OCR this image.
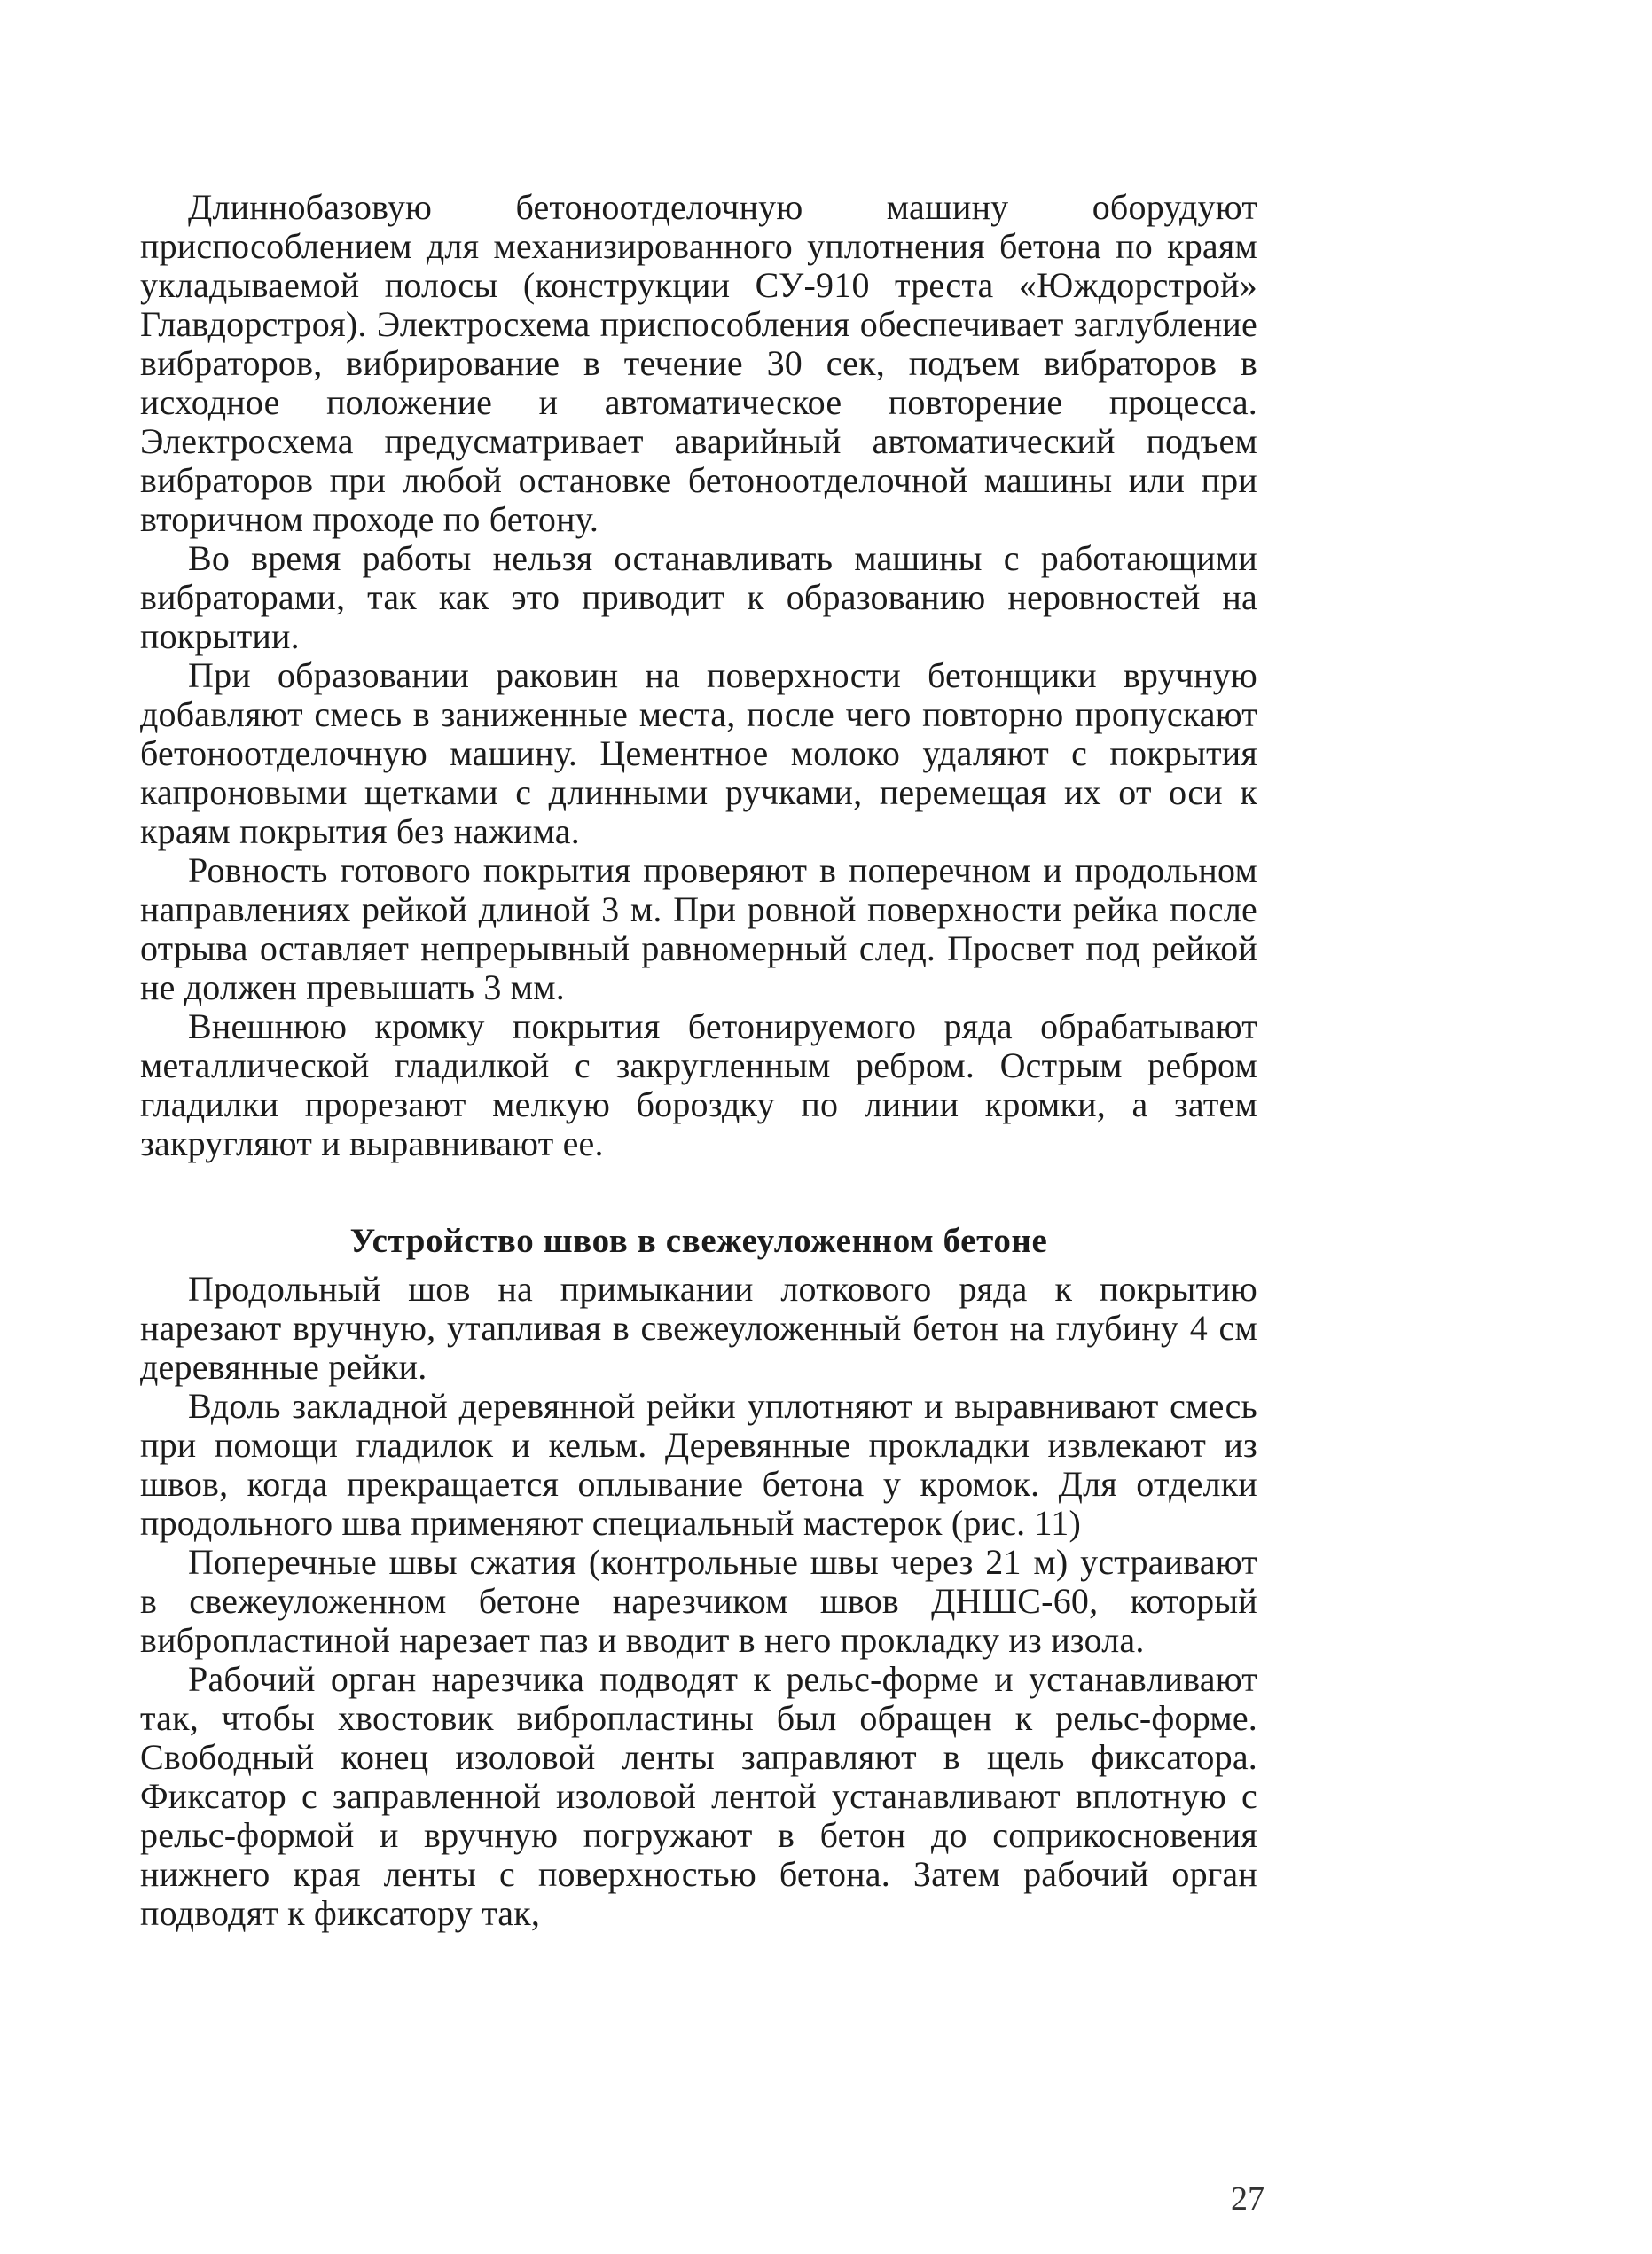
Длиннобазовую бетоноотделочную машину оборудуют приспособлением для механизированного уплотнения бетона по краям укладываемой полосы (конструкции СУ-910 треста «Юждорстрой» Главдорстроя). Электросхема приспособления обеспечивает заглубление вибраторов, вибрирование в течение 30 сек, подъем вибраторов в исходное положение и автоматическое повторение процесса. Электросхема предусматривает аварийный автоматический подъем вибраторов при любой остановке бетоноотделочной машины или при вторичном проходе по бетону.

Во время работы нельзя останавливать машины с работающими вибраторами, так как это приводит к образованию неровностей на покрытии.

При образовании раковин на поверхности бетонщики вручную добавляют смесь в заниженные места, после чего повторно пропускают бетоноотделочную машину. Цементное молоко удаляют с покрытия капроновыми щетками с длинными ручками, перемещая их от оси к краям покрытия без нажима.

Ровность готового покрытия проверяют в поперечном и продольном направлениях рейкой длиной 3 м. При ровной поверхности рейка после отрыва оставляет непрерывный равномерный след. Просвет под рейкой не должен превышать 3 мм.

Внешнюю кромку покрытия бетонируемого ряда обрабатывают металлической гладилкой с закругленным ребром. Острым ребром гладилки прорезают мелкую бороздку по линии кромки, а затем закругляют и выравнивают ее.

Устройство швов в свежеуложенном бетоне

Продольный шов на примыкании лоткового ряда к покрытию нарезают вручную, утапливая в свежеуложенный бетон на глубину 4 см деревянные рейки.

Вдоль закладной деревянной рейки уплотняют и выравнивают смесь при помощи гладилок и кельм. Деревянные прокладки извлекают из швов, когда прекращается оплывание бетона у кромок. Для отделки продольного шва применяют специальный мастерок (рис. 11)

Поперечные швы сжатия (контрольные швы через 21 м) устраивают в свежеуложенном бетоне нарезчиком швов ДНШС-60, который вибропластиной нарезает паз и вводит в него прокладку из изола.

Рабочий орган нарезчика подводят к рельс-форме и устанавливают так, чтобы хвостовик вибропластины был обращен к рельс-форме. Свободный конец изоловой ленты заправляют в щель фиксатора. Фиксатор с заправленной изоловой лентой устанавливают вплотную с рельс-формой и вручную погружают в бетон до соприкосновения нижнего края ленты с поверхностью бетона. Затем рабочий орган подводят к фиксатору так,

27
